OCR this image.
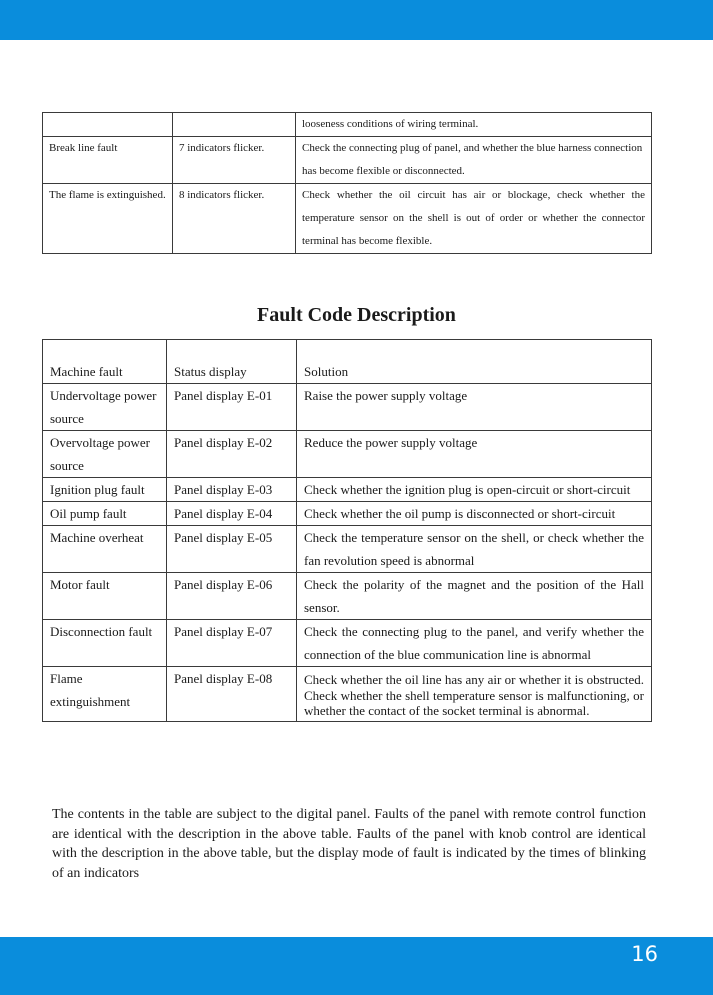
		looseness conditions of wiring terminal.
Break line fault	7 indicators flicker.	Check the connecting plug of panel, and whether the blue harness connection has become flexible or disconnected.
The flame is extinguished.	8 indicators flicker.	Check whether the oil circuit has air or blockage, check whether the temperature sensor on the shell is out of order or whether the connector terminal has become flexible.
Fault Code Description
Machine fault	Status display	Solution
Undervoltage power source	Panel display E-01	Raise the power supply voltage
Overvoltage power source	Panel display E-02	Reduce the power supply voltage
Ignition plug fault	Panel display E-03	Check whether the ignition plug is open-circuit or short-circuit
Oil pump fault	Panel display E-04	Check whether the oil pump is disconnected or short-circuit
Machine overheat	Panel display E-05	Check the temperature sensor on the shell, or check whether the fan revolution speed is abnormal
Motor fault	Panel display E-06	Check the polarity of the magnet and the position of the Hall sensor.
Disconnection fault	Panel display E-07	Check the connecting plug to the panel, and verify whether the connection of the blue communication line is abnormal
Flame extinguishment	Panel display E-08	Check whether the oil line has any air or whether it is obstructed. Check whether the shell temperature sensor is malfunctioning, or whether the contact of the socket terminal is abnormal.
The contents in the table are subject to the digital panel. Faults of the panel with remote control function are identical with the description in the above table. Faults of the panel with knob control are identical with the description in the above table, but the display mode of fault is indicated by the times of blinking of an indicators
16
